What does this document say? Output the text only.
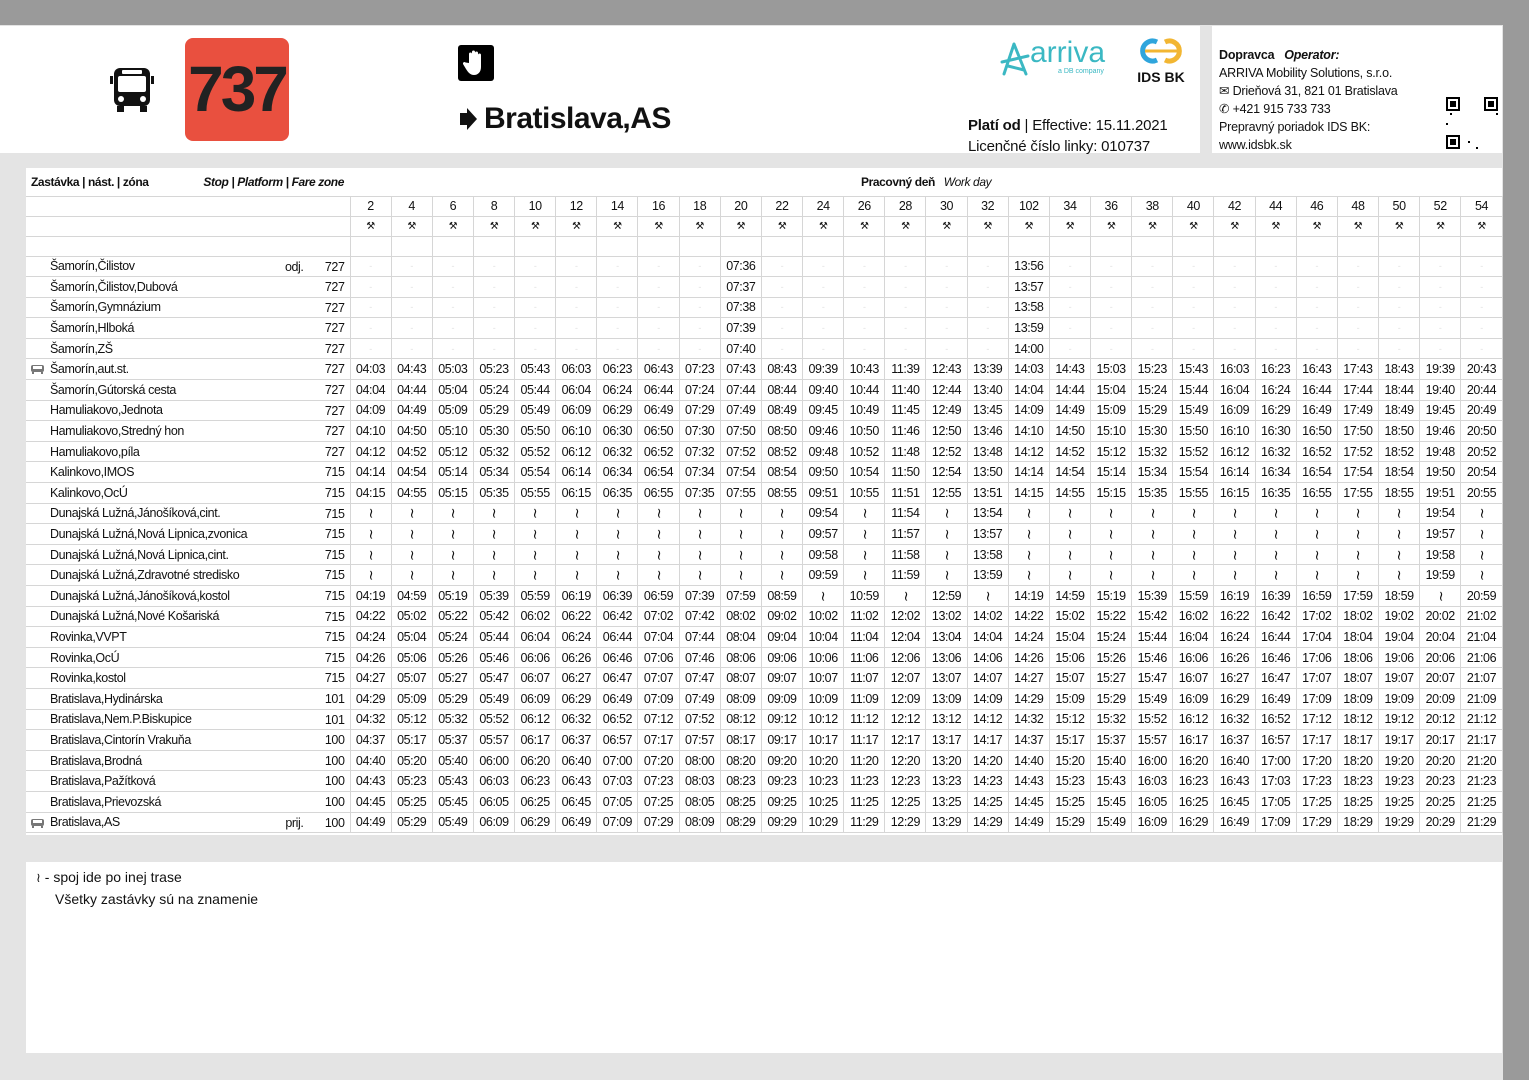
737	Bratislava,AS
arriva
a DB company IDS BK
Platí od | Effective: 15.11.2021
Licenčné číslo linky: 010737
Dopravca Operator:
ARRIVA Mobility Solutions, s.r.o.
✉ Drieňová 31, 821 01 Bratislava
✆ +421 915 733 733
Prepravný poriadok IDS BK:
www.idsbk.sk
Zastávka | nást. | zóna Stop | Platform | Fare zone	Pracovný deň Work day																											
	2	4	6	8	10	12	14	16	18	20	22	24	26	28	30	32	102	34	36	38	40	42	44	46	48	50	52	54
	⚒	⚒	⚒	⚒	⚒	⚒	⚒	⚒	⚒	⚒	⚒	⚒	⚒	⚒	⚒	⚒	⚒	⚒	⚒	⚒	⚒	⚒	⚒	⚒	⚒	⚒	⚒	⚒

Šamorín,Čilistov odj. 727	-	-	-	-	-	-	-	-	-	07:36	-	-	-	-	-	-	13:56	-	-	-	-	-	-	-	-	-	-	-
Šamorín,Čilistov,Dubová 727	-	-	-	-	-	-	-	-	-	07:37	-	-	-	-	-	-	13:57	-	-	-	-	-	-	-	-	-	-	-
Šamorín,Gymnázium 727	-	-	-	-	-	-	-	-	-	07:38	-	-	-	-	-	-	13:58	-	-	-	-	-	-	-	-	-	-	-
Šamorín,Hlboká 727	-	-	-	-	-	-	-	-	-	07:39	-	-	-	-	-	-	13:59	-	-	-	-	-	-	-	-	-	-	-
Šamorín,ZŠ 727	-	-	-	-	-	-	-	-	-	07:40	-	-	-	-	-	-	14:00	-	-	-	-	-	-	-	-	-	-	-

Šamorín,aut.st. 727	04:03	04:43	05:03	05:23	05:43	06:03	06:23	06:43	07:23	07:43	08:43	09:39	10:43	11:39	12:43	13:39	14:03	14:43	15:03	15:23	15:43	16:03	16:23	16:43	17:43	18:43	19:39	20:43
Šamorín,Gútorská cesta 727	04:04	04:44	05:04	05:24	05:44	06:04	06:24	06:44	07:24	07:44	08:44	09:40	10:44	11:40	12:44	13:40	14:04	14:44	15:04	15:24	15:44	16:04	16:24	16:44	17:44	18:44	19:40	20:44
Hamuliakovo,Jednota 727	04:09	04:49	05:09	05:29	05:49	06:09	06:29	06:49	07:29	07:49	08:49	09:45	10:49	11:45	12:49	13:45	14:09	14:49	15:09	15:29	15:49	16:09	16:29	16:49	17:49	18:49	19:45	20:49
Hamuliakovo,Stredný hon 727	04:10	04:50	05:10	05:30	05:50	06:10	06:30	06:50	07:30	07:50	08:50	09:46	10:50	11:46	12:50	13:46	14:10	14:50	15:10	15:30	15:50	16:10	16:30	16:50	17:50	18:50	19:46	20:50
Hamuliakovo,píla 727	04:12	04:52	05:12	05:32	05:52	06:12	06:32	06:52	07:32	07:52	08:52	09:48	10:52	11:48	12:52	13:48	14:12	14:52	15:12	15:32	15:52	16:12	16:32	16:52	17:52	18:52	19:48	20:52
Kalinkovo,IMOS 715	04:14	04:54	05:14	05:34	05:54	06:14	06:34	06:54	07:34	07:54	08:54	09:50	10:54	11:50	12:54	13:50	14:14	14:54	15:14	15:34	15:54	16:14	16:34	16:54	17:54	18:54	19:50	20:54
Kalinkovo,OcÚ 715	04:15	04:55	05:15	05:35	05:55	06:15	06:35	06:55	07:35	07:55	08:55	09:51	10:55	11:51	12:55	13:51	14:15	14:55	15:15	15:35	15:55	16:15	16:35	16:55	17:55	18:55	19:51	20:55
Dunajská Lužná,Jánošíková,cint. 715	~	~	~	~	~	~	~	~	~	~	~	09:54	~	11:54	~	13:54	~	~	~	~	~	~	~	~	~	~	19:54	~
Dunajská Lužná,Nová Lipnica,zvonica 715	~	~	~	~	~	~	~	~	~	~	~	09:57	~	11:57	~	13:57	~	~	~	~	~	~	~	~	~	~	19:57	~
Dunajská Lužná,Nová Lipnica,cint. 715	~	~	~	~	~	~	~	~	~	~	~	09:58	~	11:58	~	13:58	~	~	~	~	~	~	~	~	~	~	19:58	~
Dunajská Lužná,Zdravotné stredisko 715	~	~	~	~	~	~	~	~	~	~	~	09:59	~	11:59	~	13:59	~	~	~	~	~	~	~	~	~	~	19:59	~
Dunajská Lužná,Jánošíková,kostol 715	04:19	04:59	05:19	05:39	05:59	06:19	06:39	06:59	07:39	07:59	08:59	~	10:59	~	12:59	~	14:19	14:59	15:19	15:39	15:59	16:19	16:39	16:59	17:59	18:59	~	20:59
Dunajská Lužná,Nové Košariská 715	04:22	05:02	05:22	05:42	06:02	06:22	06:42	07:02	07:42	08:02	09:02	10:02	11:02	12:02	13:02	14:02	14:22	15:02	15:22	15:42	16:02	16:22	16:42	17:02	18:02	19:02	20:02	21:02
Rovinka,VVPT 715	04:24	05:04	05:24	05:44	06:04	06:24	06:44	07:04	07:44	08:04	09:04	10:04	11:04	12:04	13:04	14:04	14:24	15:04	15:24	15:44	16:04	16:24	16:44	17:04	18:04	19:04	20:04	21:04
Rovinka,OcÚ 715	04:26	05:06	05:26	05:46	06:06	06:26	06:46	07:06	07:46	08:06	09:06	10:06	11:06	12:06	13:06	14:06	14:26	15:06	15:26	15:46	16:06	16:26	16:46	17:06	18:06	19:06	20:06	21:06
Rovinka,kostol 715	04:27	05:07	05:27	05:47	06:07	06:27	06:47	07:07	07:47	08:07	09:07	10:07	11:07	12:07	13:07	14:07	14:27	15:07	15:27	15:47	16:07	16:27	16:47	17:07	18:07	19:07	20:07	21:07
Bratislava,Hydinárska 101	04:29	05:09	05:29	05:49	06:09	06:29	06:49	07:09	07:49	08:09	09:09	10:09	11:09	12:09	13:09	14:09	14:29	15:09	15:29	15:49	16:09	16:29	16:49	17:09	18:09	19:09	20:09	21:09
Bratislava,Nem.P.Biskupice 101	04:32	05:12	05:32	05:52	06:12	06:32	06:52	07:12	07:52	08:12	09:12	10:12	11:12	12:12	13:12	14:12	14:32	15:12	15:32	15:52	16:12	16:32	16:52	17:12	18:12	19:12	20:12	21:12
Bratislava,Cintorín Vrakuňa 100	04:37	05:17	05:37	05:57	06:17	06:37	06:57	07:17	07:57	08:17	09:17	10:17	11:17	12:17	13:17	14:17	14:37	15:17	15:37	15:57	16:17	16:37	16:57	17:17	18:17	19:17	20:17	21:17
Bratislava,Brodná 100	04:40	05:20	05:40	06:00	06:20	06:40	07:00	07:20	08:00	08:20	09:20	10:20	11:20	12:20	13:20	14:20	14:40	15:20	15:40	16:00	16:20	16:40	17:00	17:20	18:20	19:20	20:20	21:20
Bratislava,Pažítková 100	04:43	05:23	05:43	06:03	06:23	06:43	07:03	07:23	08:03	08:23	09:23	10:23	11:23	12:23	13:23	14:23	14:43	15:23	15:43	16:03	16:23	16:43	17:03	17:23	18:23	19:23	20:23	21:23
Bratislava,Prievozská 100	04:45	05:25	05:45	06:05	06:25	06:45	07:05	07:25	08:05	08:25	09:25	10:25	11:25	12:25	13:25	14:25	14:45	15:25	15:45	16:05	16:25	16:45	17:05	17:25	18:25	19:25	20:25	21:25

Bratislava,AS prij. 100	04:49	05:29	05:49	06:09	06:29	06:49	07:09	07:29	08:09	08:29	09:29	10:29	11:29	12:29	13:29	14:29	14:49	15:29	15:49	16:09	16:29	16:49	17:09	17:29	18:29	19:29	20:29	21:29
≀ - spoj ide po inej trase
Všetky zastávky sú na znamenie
